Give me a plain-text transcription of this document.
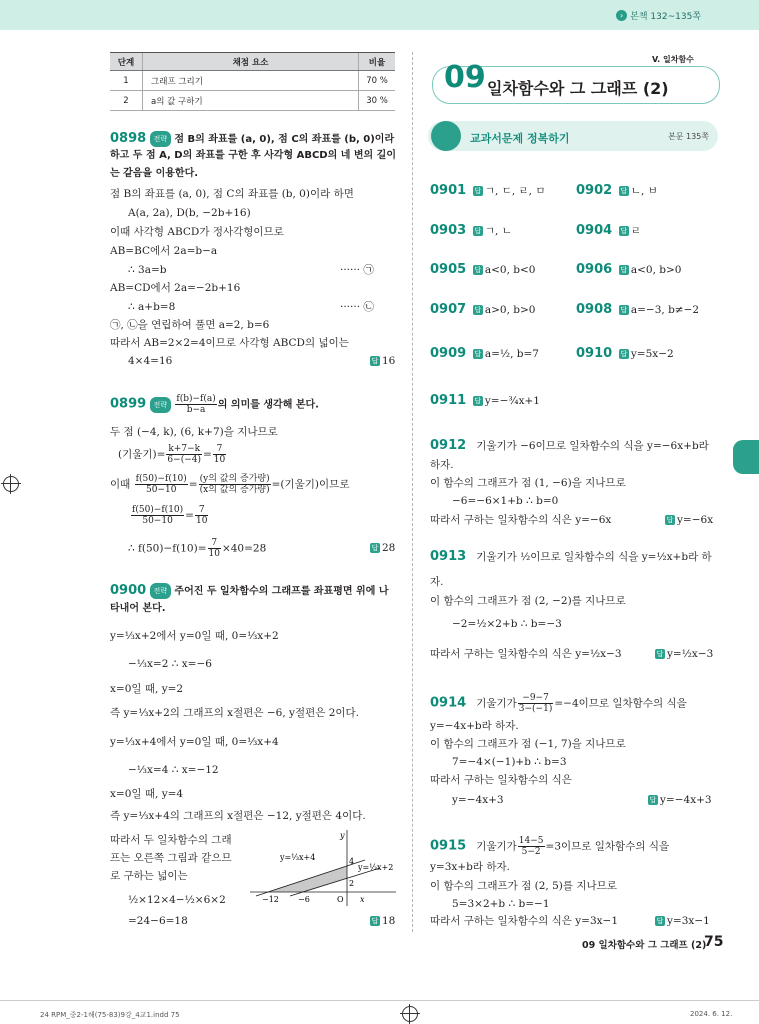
› 본책 132~135쪽
단계	채점 요소	비율
1	그래프 그리기	70 %
2	a의 값 구하기	30 %
0898 전략 점 B의 좌표를 (a, 0), 점 C의 좌표를 (b, 0)이라
하고 두 점 A, D의 좌표를 구한 후 사각형 ABCD의 네 변의 길이
는 같음을 이용한다.
점 B의 좌표를 (a, 0), 점 C의 좌표를 (b, 0)이라 하면
A(a, 2a), D(b, −2b+16)
이때 사각형 ABCD가 정사각형이므로
AB=BC에서 2a=b−a
∴ 3a=b	······ ㉠
AB=CD에서 2a=−2b+16
∴ a+b=8	······ ㉡
㉠, ㉡을 연립하여 풀면 a=2, b=6
따라서 AB=2×2=4이므로 사각형 ABCD의 넓이는
4×4=16	답 16
0899 전략 $\frac{f(b)-f(a)}{b-a}$ 의 의미를 생각해 본다.
두 점 (−4, k), (6, k+7)을 지나므로
(기울기)= $\frac{k+7-k}{6-(-4)} = \frac{7}{10}$
이때 $\frac{f(50)-f(10)}{50-10} = \frac{\text{(y의 값의 증가량)}}{\text{(x의 값의 증가량)}}$ =(기울기)이므로
$\frac{f(50)-f(10)}{50-10} = \frac{7}{10}$
∴ $f(50)-f(10)= \frac{7}{10} \times 40=28$	답 28
0900 전략 주어진 두 일차함수의 그래프를 좌표평면 위에 나
타내어 본다.
y=⅓x+2에서 y=0일 때, 0=⅓x+2
−⅓x=2 ∴ x=−6
x=0일 때, y=2
즉 y=⅓x+2의 그래프의 x절편은 −6, y절편은 2이다.
y=⅓x+4에서 y=0일 때, 0=⅓x+4
−⅓x=4 ∴ x=−12
x=0일 때, y=4
즉 y=⅓x+4의 그래프의 x절편은 −12, y절편은 4이다.
따라서 두 일차함수의 그래
프는 오른쪽 그림과 같으므
로 구하는 넓이는
½×12×4−½×6×2
=24−6=18	답 18
−12 −6	O
4
2
x
y
y=⅓x+4
y=⅓x+2
V. 일차함수
09 일차함수와 그 그래프 (2)
교과서문제 정복하기	본문 135쪽
0901 답 ㄱ, ㄷ, ㄹ, ㅁ 0902 답 ㄴ, ㅂ
0903 답 ㄱ, ㄴ	0904 답 ㄹ
0905 답 a<0, b<0	0906 답 a<0, b>0
0907 답 a>0, b>0	0908 답 a=−3, b≠−2
0909 답 a=½, b=7	0910 답 y=5x−2
0911 답 y=−¾x+1
0912 기울기가 −6이므로 일차함수의 식을 y=−6x+b라
하자.
이 함수의 그래프가 점 (1, −6)을 지나므로
−6=−6×1+b ∴ b=0
따라서 구하는 일차함수의 식은 y=−6x	답 y=−6x
0913 기울기가 ½이므로 일차함수의 식을 y=½x+b라 하
자.
이 함수의 그래프가 점 (2, −2)를 지나므로
−2=½×2+b ∴ b=−3
따라서 구하는 일차함수의 식은 y=½x−3	답 y=½x−3
0914 기울기가 $\frac{-9-7}{3-(-1)} =-4$이므로 일차함수의 식을
y=−4x+b라 하자.
이 함수의 그래프가 점 (−1, 7)을 지나므로
7=−4×(−1)+b ∴ b=3
따라서 구하는 일차함수의 식은
y=−4x+3	답 y=−4x+3
0915 기울기가 $\frac{14-5}{5-2} =3$이므로 일차함수의 식을
y=3x+b라 하자.
이 함수의 그래프가 점 (2, 5)를 지나므로
5=3×2+b ∴ b=−1
따라서 구하는 일차함수의 식은 y=3x−1	답 y=3x−1
09 일차함수와 그 그래프 (2)
75
24 RPM_중2-1해(75-83)9강_4교1.indd 75	2024. 6. 12.
